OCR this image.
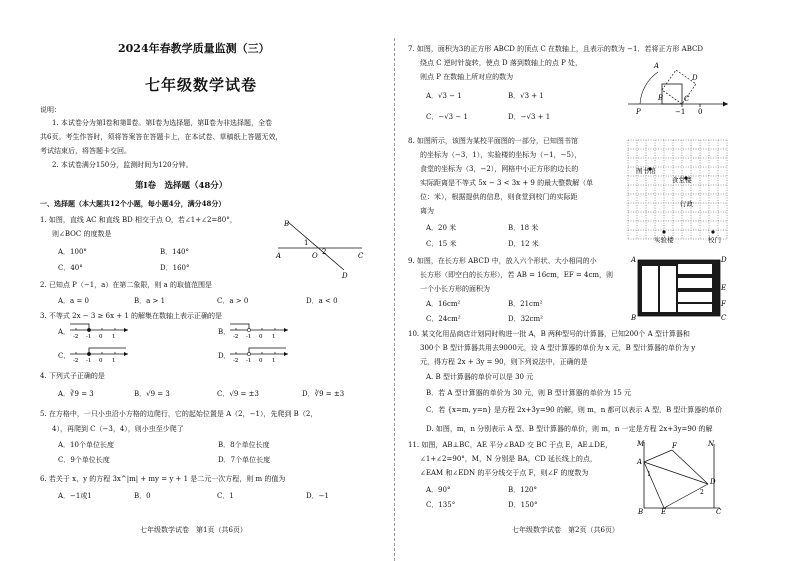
2024年春教学质量监测（三）
七年级数学试卷
说明：
1. 本试卷分为第Ⅰ卷和第Ⅱ卷。第Ⅰ卷为选择题，第Ⅱ卷为非选择题，全卷
共6页。考生作答时，须将答案答在答题卡上，在本试卷、草稿纸上答题无效，
考试结束后，将答题卡交回。
2. 本试卷满分150分，监测时间为120分钟。
第Ⅰ卷　选择题（48分）
一、选择题（本大题共12个小题，每小题4分，满分48分）
1. 如图，直线 AC 和直线 BD 相交于点 O，若∠1+∠2=80°，
则∠BOC 的度数是
A．100°	B．140°
C．40°	D．160°
A
B
O	C
D
1
2
2. 已知点 P（−1，a）在第二象限，则 a 的取值范围是
A．a = 0	B．a > 1	C．a > 0	D．a < 0
3. 不等式 2x − 3 ≥ 6x + 1 的解集在数轴上表示正确的是
A．	B．
C．	D．
-2 -1 0 1	-2 -1 0 1
-2 -1 0 1	-2 -1 0 1
4. 下列式子正确的是
A．∛9 = 3	B．√9 = 3	C．√9 = ±3	D．∛9 = ±3
5. 在方格中，一只小虫沿小方格的边爬行，它的起始位置是 A（2，−1），先爬到 B（2，
4），再爬到 C（−3，4），则小虫至少爬了
A．10个单位长度	B．8个单位长度
C．9个单位长度	D．7个单位长度
6. 若关于 x，y 的方程 3x^|m| + my = y + 1 是二元一次方程，则 m 的值为
A．−1或1	B．0	C．1	D．−1
七年级数学试卷　第1页（共6页）
7. 如图，面积为3的正方形 ABCD 的顶点 C 在数轴上，且表示的数为 −1．若将正方形 ABCD
绕点 C 逆时针旋转，使点 D 落到数轴上的点 P 处，
则点 P 在数轴上所对应的数为
A．√3 − 1	B．√3 + 1
C．−√3 − 1	D．−√3 + 1
A
B	C
D
P	−1 0
8. 如图所示，该图为某校平面图的一部分，已知图书馆
的坐标为（−3，1），实验楼的坐标为（−1，−5），
食堂的坐标为（3，−2），网格中小正方形的边长的
实际距离是不等式 5x − 3 < 3x + 9 的最大整数解（单
位：米），根据提供的信息，则食堂到校门的实际距
离为
A．20 米	B．18 米
C．15 米	D．12 米
图书馆
食堂楼
行政
实验楼	校门
9. 如图，在长方形 ABCD 中，放入六个形状、大小相同的小
长方形（即空白的长方形），若 AB = 16cm，EF = 4cm，则
一个小长方形的面积为
A．16cm²	B．21cm²
C．24cm²	D．32cm²
A	D
E
F
B	C
10. 某文化用品商店计划同时购进一批 A，B 两种型号的计算器，已知200个 A 型计算器和
300个 B 型计算器共用去9000元，设 A 型计算器的单价为 x 元，B 型计算器的单价为 y
元，得方程 2x + 3y = 90，则下列说法中，正确的是
A. B 型计算器的单价可以是 30 元
B．若 A 型计算器的单价为 30 元，则 B 型计算器的单价为 15 元
C．若 {x=m, y=n} 是方程 2x+3y=90 的解，则 m，n 都可以表示 A 型，B 型计算器的单价
D. 如图，m，n 分别表示 A 型、B 型计算器的单价，则 m，n 一定是方程 2x+3y=90 的解
11. 如图，AB⊥BC，AE 平分∠BAD 交 BC 于点 E，AE⊥DE，
∠1+∠2=90°，M，N 分别是 BA，CD 延长线上的点，
∠EAM 和∠EDN 的平分线交于点 F，则∠F 的度数为
A．90°	B．120°
C．135°	D．150°
M	N
A
F
D
1
2
B	E	C
七年级数学试卷　第2页（共6页）
